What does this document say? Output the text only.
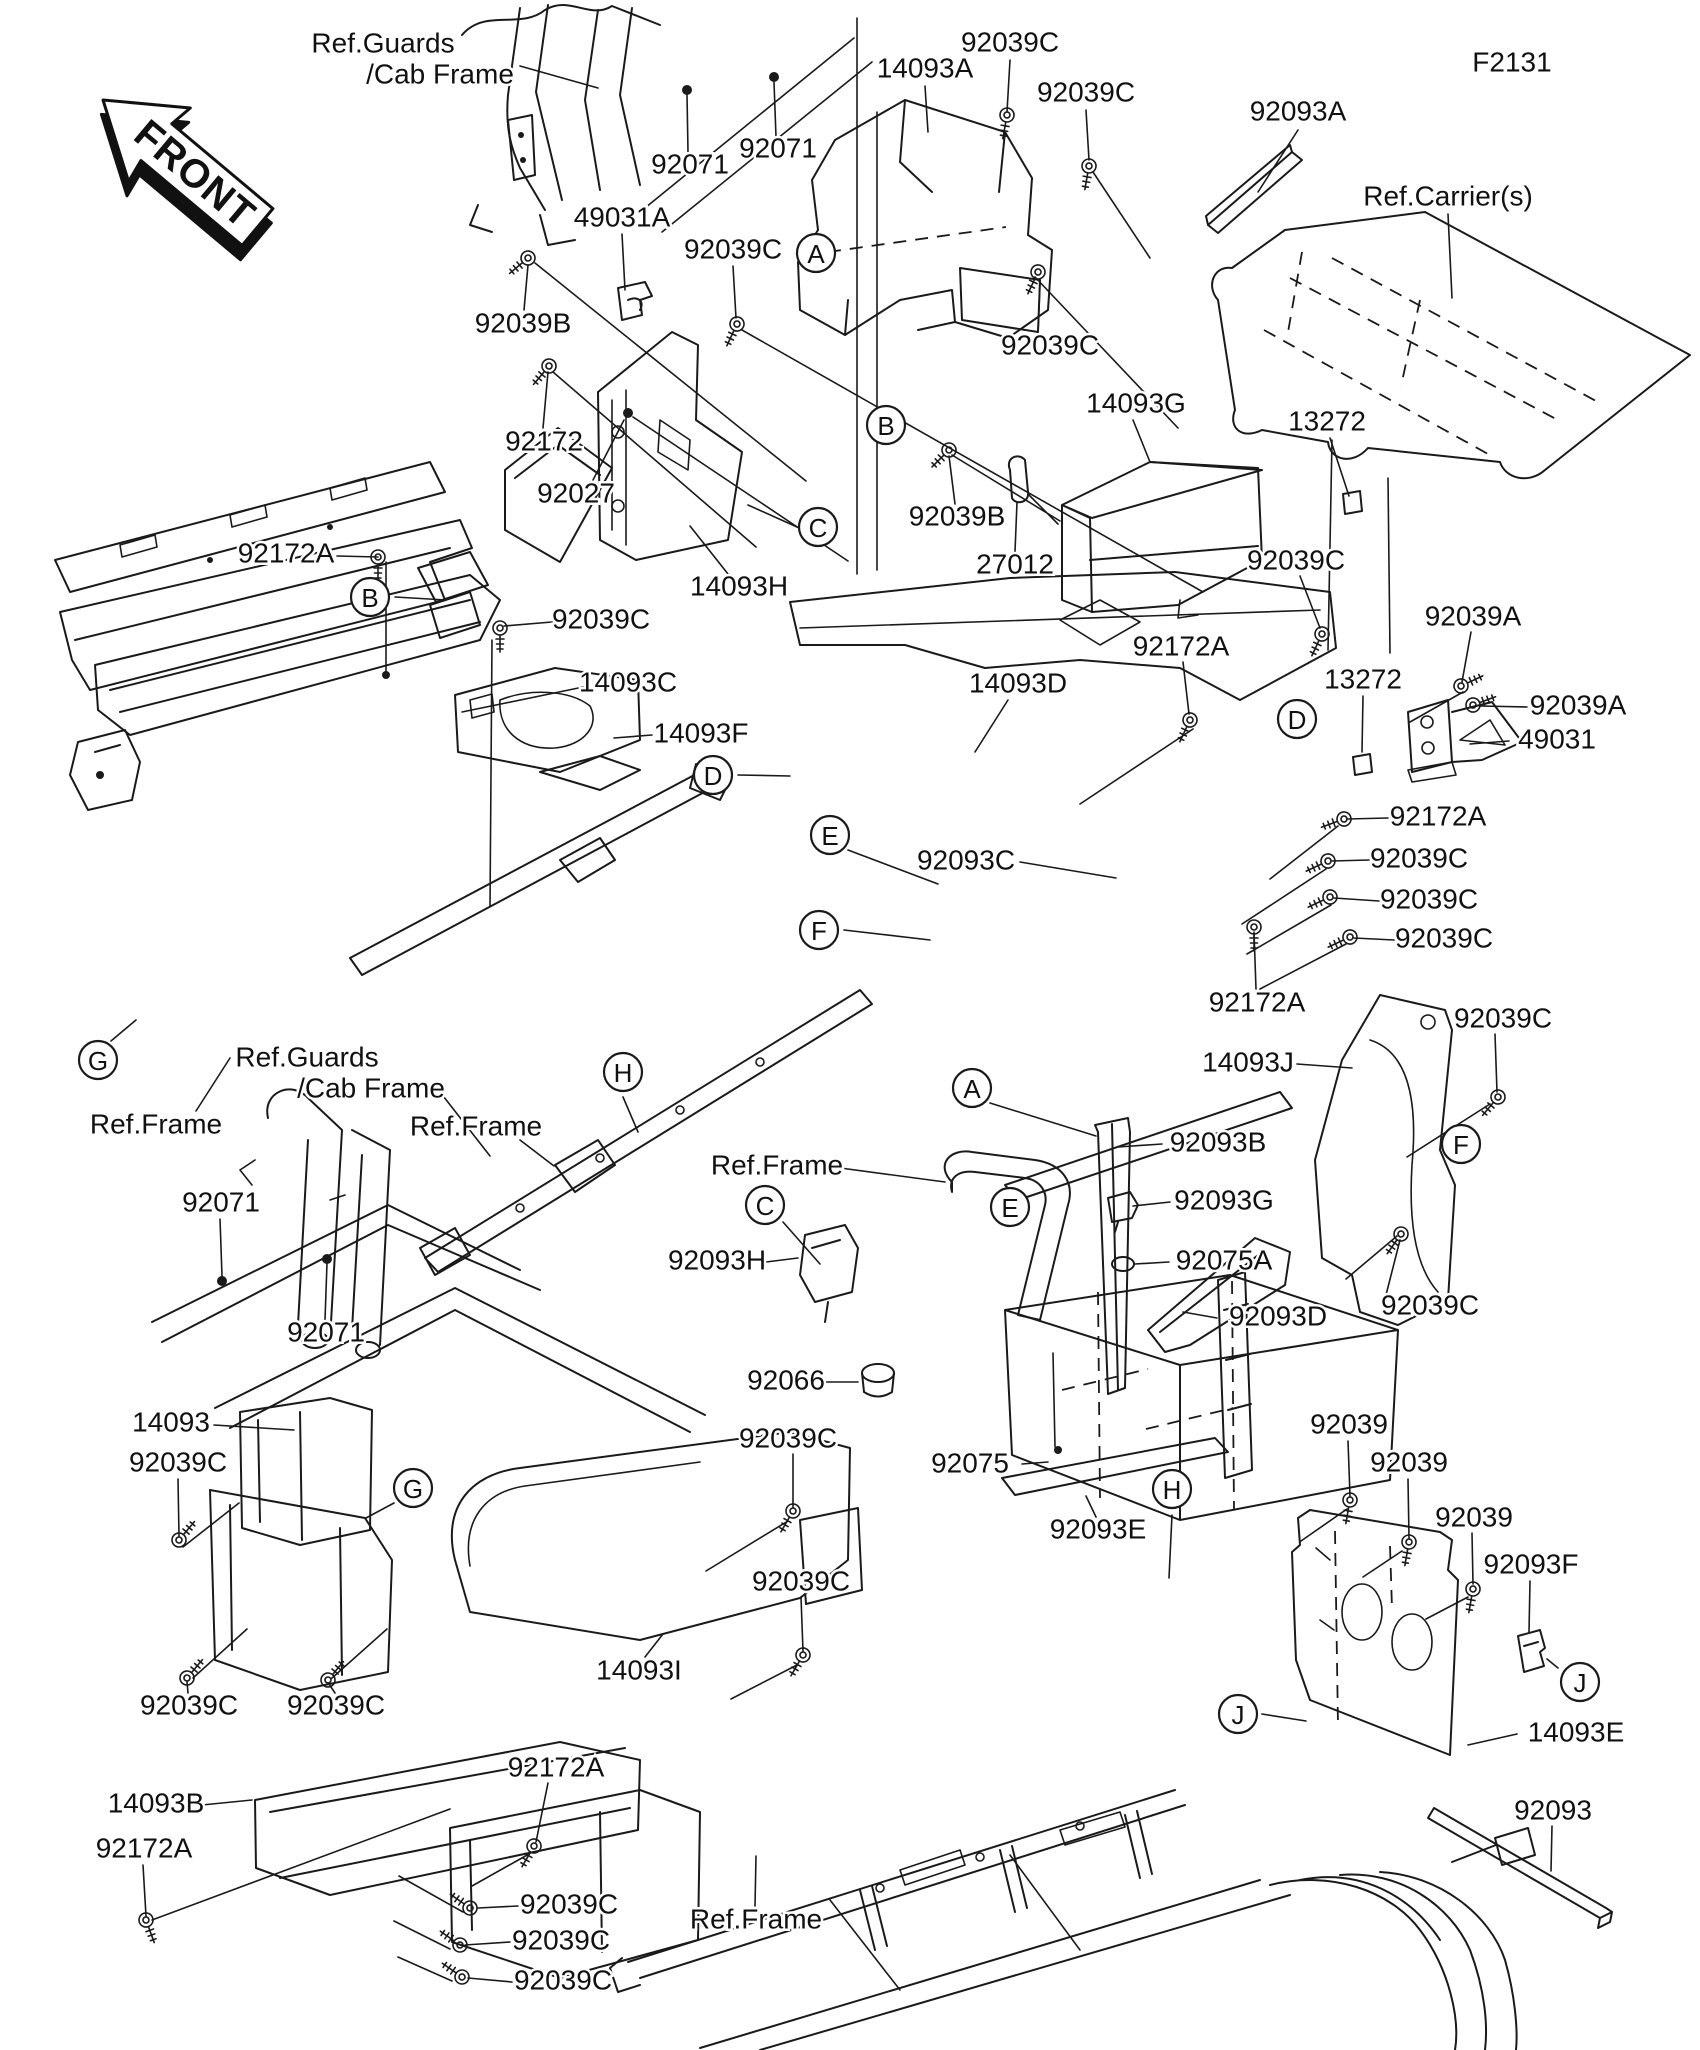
FRONT
Ref.Guards
/Cab Frame
92071
92071
14093A
92039C
92039C
92093A
F2131
Ref.Carrier(s)
49031A
92039C
92039B
92172
92027
92172A
92039C
14093C
92039C
14093G
13272
92039B
27012
14093H
14093D
92172A
92039C
13272
92039A
92039A
49031
14093F
92093C
92172A
92039C
92039C
92039C
92172A
14093J
92039C
92039C
Ref.Frame
92093H
92093B
92093G
92075A
92093D
92066
92039C
92075
92093E
92039C
92039
92039
92039
92093F
14093E
92093
Ref.Guards
/Cab Frame
Ref.Frame	Ref.Frame
92071
92071
14093
92039C
92039C 92039C
14093B
92172A
92172A
14093I
92039C
92039C
92039C
Ref.Frame
A
A
B
B
C
C
D
D
E
E
F
F
G
G
H
H
J
J
